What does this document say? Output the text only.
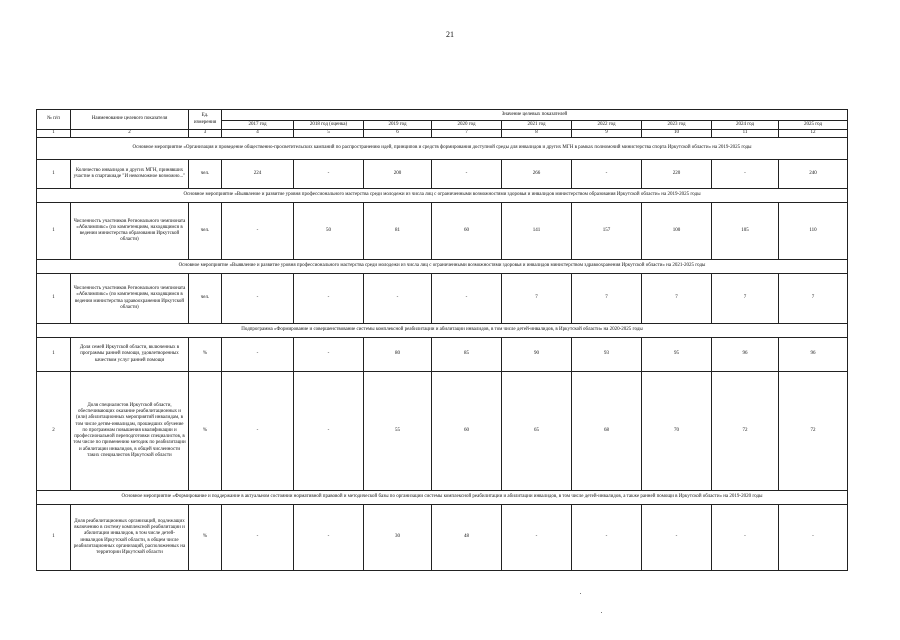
21
№ п/п	Наименование целевого показателя	Ед. измерения	Значение целевых показателей								
			2017 год	2018 год (оценка)	2019 год	2020 год	2021 год	2022 год	2023 год	2024 год	2025 год
1	2	3	4	5	6	7	8	9	10	11	12
Основное мероприятие «Организация и проведение общественно-просветительских кампаний по распространению идей, принципов и средств формирования доступной среды для инвалидов и других МГН в рамках полномочий министерства спорта Иркутской области» на 2019-2025 годы											
1	Количество инвалидов и других МГН, принявших участие в спартакиаде "И невозможное возможно..."	чел.	224	-	200	-	266	-	220	-	240
Основное мероприятие «Выявление и развитие уровня профессионального мастерства среди молодежи из числа лиц с ограниченными возможностями здоровья и инвалидов министерством образования Иркутской области» на 2019-2025 годы											
1	Численность участников Регионального чемпионата «Абилимпикс» (по компетенциям, находящимся в ведении министерства образования Иркутской области)	чел.	-	50	81	60	141	157	100	105	110
Основное мероприятие «Выявление и развитие уровня профессионального мастерства среди молодежи из числа лиц с ограниченными возможностями здоровья и инвалидов министерством здравоохранения Иркутской области» на 2021-2025 годы											
1	Численность участников Регионального чемпионата «Абилимпикс» (по компетенциям, находящимся в ведении министерства здравоохранения Иркутской области)	чел.	-	-	-	-	7	7	7	7	7
Подпрограмма «Формирование и совершенствование системы комплексной реабилитации и абилитации инвалидов, в том числе детей-инвалидов, в Иркутской области» на 2020-2025 годы											
1	Доля семей Иркутской области, включенных в программы ранней помощи, удовлетворенных качеством услуг ранней помощи	%	-	-	80	85	90	93	95	96	96
2	Доля специалистов Иркутской области, обеспечивающих оказание реабилитационных и (или) абилитационных мероприятий инвалидам, в том числе детям-инвалидам, прошедших обучение по программам повышения квалификации и профессиональной переподготовки специалистов, в том числе по применению методик по реабилитации и абилитации инвалидов, в общей численности таких специалистов Иркутской области	%	-	-	55	60	65	68	70	72	72
Основное мероприятие «Формирование и поддержание в актуальном состоянии нормативной правовой и методической базы по организации системы комплексной реабилитации и абилитации инвалидов, в том числе детей-инвалидов, а также ранней помощи в Иркутской области» на 2019-2020 годы											
1	Доля реабилитационных организаций, подлежащих включению в систему комплексной реабилитации и абилитации инвалидов, в том числе детей-инвалидов Иркутской области, в общем числе реабилитационных организаций, расположенных на территории Иркутской области	%	-	-	30	48	-	-	-	-	-
